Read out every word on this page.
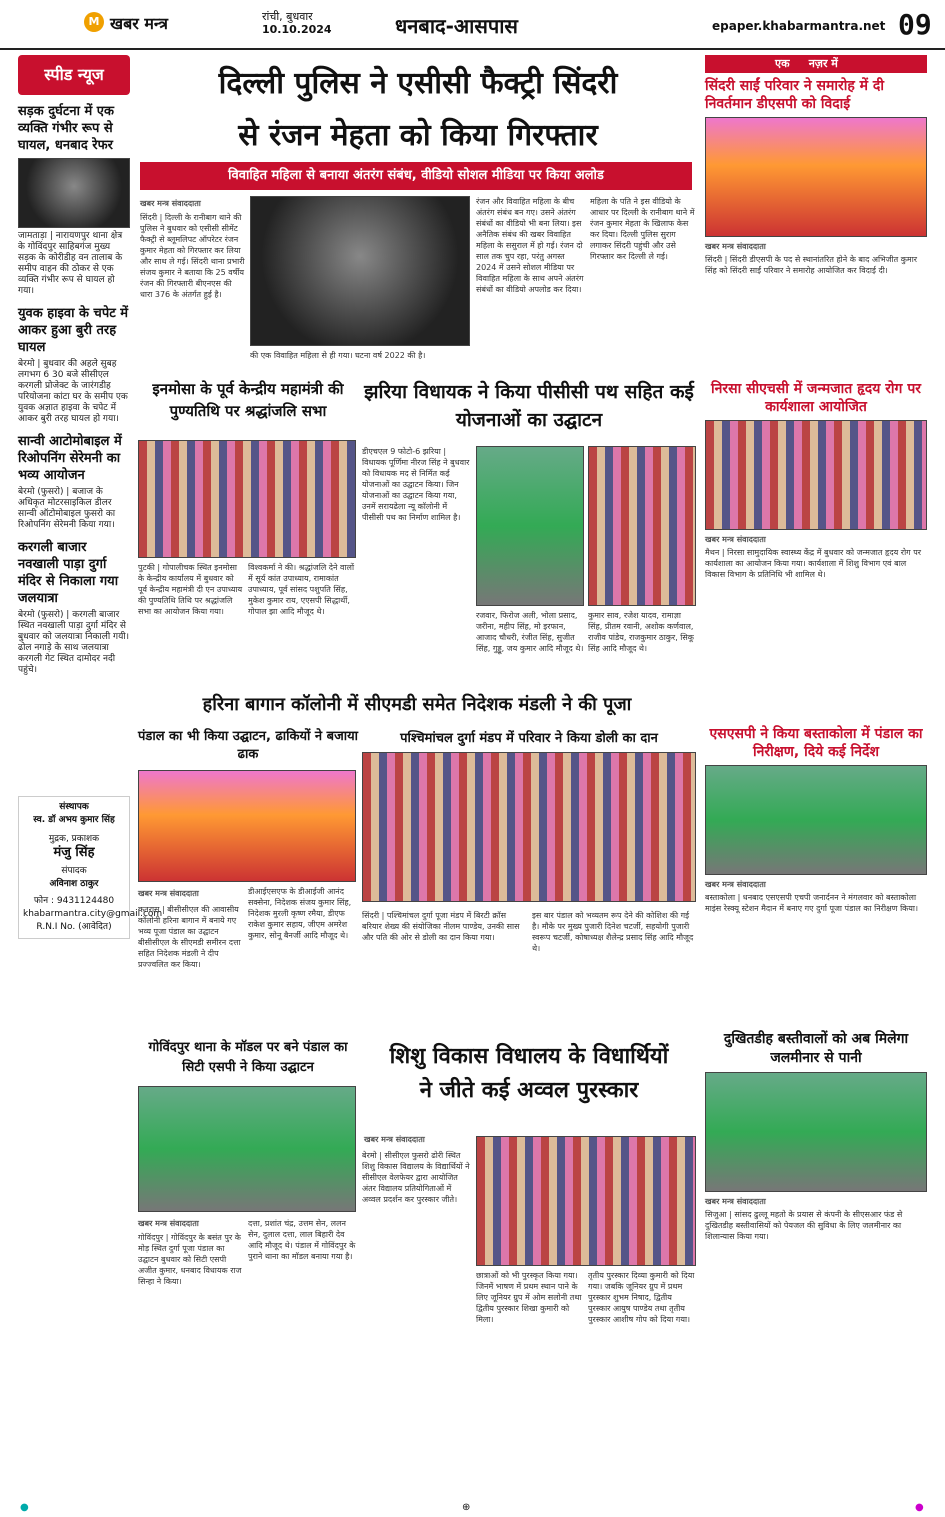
M खबर मन्त्र	रांची, बुधवार
10.10.2024	धनबाद-आसपास	epaper.khabarmantra.net 09
स्पीड न्यूज
सड़क दुर्घटना में एक व्यक्ति गंभीर रूप से घायल, धनबाद रेफर
जामताड़ा | नारायणपुर थाना क्षेत्र के गोविंदपुर साहिबगंज मुख्य सड़क के कोरीडीह वन तालाब के समीप वाहन की ठोकर से एक व्यक्ति गंभीर रूप से घायल हो गया।
युवक हाइवा के चपेट में आकर हुआ बुरी तरह घायल
बेरमो | बुधवार की अहले सुबह लगभग 6 30 बजे सीसीएल करगली प्रोजेक्ट के जारंगडीह परियोजना कांटा घर के समीप एक युवक अज्ञात हाइवा के चपेट में आकर बुरी तरह घायल हो गया।
सान्वी आटोमोबाइल में रिओपनिंग सेरेमनी का भव्य आयोजन
बेरमो (फुसरो) | बजाज के अधिकृत मोटरसाइकिल डीलर सान्वी ऑटोमोबाइल फुसरो का रिओपनिंग सेरेमनी किया गया।
करगली बाजार नवखाली पाड़ा दुर्गा मंदिर से निकाला गया जलयात्रा
बेरमो (फुसरो) | करगली बाजार स्थित नवखाली पाड़ा दुर्गा मंदिर से बुधवार को जलयात्रा निकाली गयी। ढोल नगाड़े के साथ जलयात्रा करगली गेट स्थित दामोदर नदी पहुंचे।
संस्थापक
स्व. डॉ अभय कुमार सिंह
मुद्रक, प्रकाशक
मंजु सिंह
संपादक
अविनाश ठाकुर
फोन : 9431124480
khabarmantra.city@gmail.com
R.N.I No. (आवेदित)
दिल्ली पुलिस ने एसीसी फैक्ट्री सिंदरी
से रंजन मेहता को किया गिरफ्तार
विवाहित महिला से बनाया अंतरंग संबंध, वीडियो सोशल मीडिया पर किया अलोड
खबर मन्त्र संवाददाता
सिंदरी | दिल्ली के रानीबाग थाने की पुलिस ने बुधवार को एसीसी सीमेंट फैक्ट्री से ब्लूमलिपट ऑपरेटर रंजन कुमार मेहता को गिरफ्तार कर लिया और साथ ले गई। सिंदरी थाना प्रभारी संजय कुमार ने बताया कि 25 वर्षीय रंजन की गिरफ्तारी बीएनएस की धारा 376 के अंतर्गत हुई है।
की एक विवाहित महिला से ही गया। घटना वर्ष 2022 की है।
रंजन और विवाहित महिला के बीच अंतरंग संबंध बन गए। उसने अंतरंग संबंधों का वीडियो भी बना लिया। इस अनैतिक संबंध की खबर विवाहित महिला के ससुराल में हो गई। रंजन दो साल तक चुप रहा, परंतु अगस्त 2024 में उसने सोशल मीडिया पर विवाहित महिला के साथ अपने अंतरंग संबंधों का वीडियो अपलोड कर दिया।
महिला के पति ने इस वीडियो के आधार पर दिल्ली के रानीबाग थाने में रंजन कुमार मेहता के खिलाफ केस कर दिया। दिल्ली पुलिस सुराग लगाकर सिंदरी पहुंची और उसे गिरफ्तार कर दिल्ली ले गई।
इनमोसा के पूर्व केन्द्रीय महामंत्री की पुण्यतिथि पर श्रद्धांजलि सभा
पुटकी | गोपालीचक स्थित इनमोसा के केन्द्रीय कार्यालय में बुधवार को पूर्व केन्द्रीय महामंत्री दी एन उपाध्याय की पुण्यतिथि तिथि पर श्रद्धांजलि सभा का आयोजन किया गया।
विश्वकर्मा ने की। श्रद्धांजलि देने वालों में सूर्य कांत उपाध्याय, रामाकांत उपाध्याय, पूर्व सांसद पशुपति सिंह, मुकेश कुमार राय, एएसपी सिद्धार्थी, गोपाल झा आदि मौजूद थे।
झरिया विधायक ने किया पीसीसी पथ सहित कई योजनाओं का उद्घाटन
डीएचएल 9 फोटो-6 झरिया | विधायक पूर्णिमा नीरज सिंह ने बुधवार को विधायक मद से निर्मित कई योजनाओं का उद्घाटन किया। जिन योजनाओं का उद्घाटन किया गया, उनमें सरायढेला न्यू कॉलोनी में पीसीसी पथ का निर्माण शामिल है।
रजवार, फिरोज अली, भोला प्रसाद, जरीना, महीप सिंह, मो इरफान, आजाद चौधरी, रंजीत सिंह, सुजीत सिंह, गुड्डू, जय कुमार आदि मौजूद थे।
कुमार साव, रजेश यादव, रामाज्ञा सिंह, प्रीतम रवानी, अशोक कर्णवाल, राजीव पांडेय, राजकुमार ठाकुर, सिकू सिंह आदि मौजूद थे।
हरिना बागान कॉलोनी में सीएमडी समेत निदेशक मंडली ने की पूजा
पंडाल का भी किया उद्घाटन, ढाकियों ने बजाया ढाक
खबर मन्त्र संवाददाता
कतरास | बीसीसीएल की आवासीय कॉलोनी हरिना बागान में बनाये गए भव्य पूजा पंडाल का उद्घाटन बीसीसीएल के सीएमडी समीरन दत्ता सहित निदेशक मंडली ने दीप प्रज्ज्वलित कर किया।
डीआईएसएफ के डीआईजी आनंद सक्सेना, निदेशक संजय कुमार सिंह, निदेशक मुरली कृष्ण रमैया, डीएफ राकेश कुमार सहाय, जीएम अमरेश कुमार, सोनू बैनर्जी आदि मौजूद थे।
पश्चिमांचल दुर्गा मंडप में परिवार ने किया डोली का दान
सिंदरी | पश्चिमांचल दुर्गा पूजा मंडप में बिरटी क्रॉस बरियार शेख्य की संयोजिका नीलम पाण्डेय, उनकी सास और पति की ओर से डोली का दान किया गया।
इस बार पंडाल को भव्यतम रूप देने की कोशिश की गई है। मौके पर मुख्य पुजारी दिनेश चटर्जी, सहयोगी पुजारी स्वरूप चटर्जी, कोषाध्यक्ष शैलेन्द्र प्रसाद सिंह आदि मौजूद थे।
गोविंदपुर थाना के मॉडल पर बने पंडाल का सिटी एसपी ने किया उद्घाटन
खबर मन्त्र संवाददाता
गोविंदपुर | गोविंदपुर के बसंत पुर के मोड़ स्थित दुर्गा पूजा पंडाल का उद्घाटन बुधवार को सिटी एसपी अजीत कुमार, धनबाद विधायक राज सिन्हा ने किया।
दत्ता, प्रशांत चंद्र, उत्तम सेन, ललन सेन, दुलाल दत्ता, लाल बिहारी देव आदि मौजूद थे। पंडाल में गोविंदपुर के पुराने थाना का मॉडल बनाया गया है।
शिशु विकास विधालय के विधार्थियों
ने जीते कई अव्वल पुरस्कार
खबर मन्त्र संवाददाता
बेरमो | सीसीएल फुसरो ढोरी स्थित शिशु विकास विद्यालय के विद्यार्थियों ने सीसीएल वेलफेयर द्वारा आयोजित अंतर विद्यालय प्रतियोगिताओं में अव्वल प्रदर्शन कर पुरस्कार जीते।
छात्राओं को भी पुरस्कृत किया गया। जिनमें भाषण में प्रथम स्थान पाने के लिए जूनियर ग्रुप में ओम सलोनी तथा द्वितीय पुरस्कार शिखा कुमारी को मिला।
तृतीय पुरस्कार दिव्या कुमारी को दिया गया। जबकि जूनियर ग्रुप में प्रथम पुरस्कार शुभम निषाद, द्वितीय पुरस्कार आयुष पाण्डेय तथा तृतीय पुरस्कार आशीष गोप को दिया गया।
एक नज़र में
सिंदरी साईं परिवार ने समारोह में दी निवर्तमान डीएसपी को विदाई
खबर मन्त्र संवाददाता
सिंदरी | सिंदरी डीएसपी के पद से स्थानांतरित होने के बाद अभिजीत कुमार सिंह को सिंदरी साईं परिवार ने समारोह आयोजित कर विदाई दी।
निरसा सीएचसी में जन्मजात हृदय रोग पर कार्यशाला आयोजित
खबर मन्त्र संवाददाता
मैथन | निरसा सामुदायिक स्वास्थ्य केंद्र में बुधवार को जन्मजात हृदय रोग पर कार्यशाला का आयोजन किया गया। कार्यशाला में शिशु विभाग एवं बाल विकास विभाग के प्रतिनिधि भी शामिल थे।
एसएसपी ने किया बस्ताकोला में पंडाल का निरीक्षण, दिये कई निर्देश
खबर मन्त्र संवाददाता
बस्ताकोला | धनबाद एसएसपी एचपी जनार्दनन ने मंगलवार को बस्ताकोला माइंस रेस्क्यू स्टेशन मैदान में बनाए गए दुर्गा पूजा पंडाल का निरीक्षण किया।
दुखितडीह बस्तीवालों को अब मिलेगा जलमीनार से पानी
खबर मन्त्र संवाददाता
सिजुआ | सांसद ढुल्लू महतो के प्रयास से कंपनी के सीएसआर फंड से दुखितडीह बस्तीवासियों को पेयजल की सुविधा के लिए जलमीनार का शिलान्यास किया गया।
●	⊕	●
